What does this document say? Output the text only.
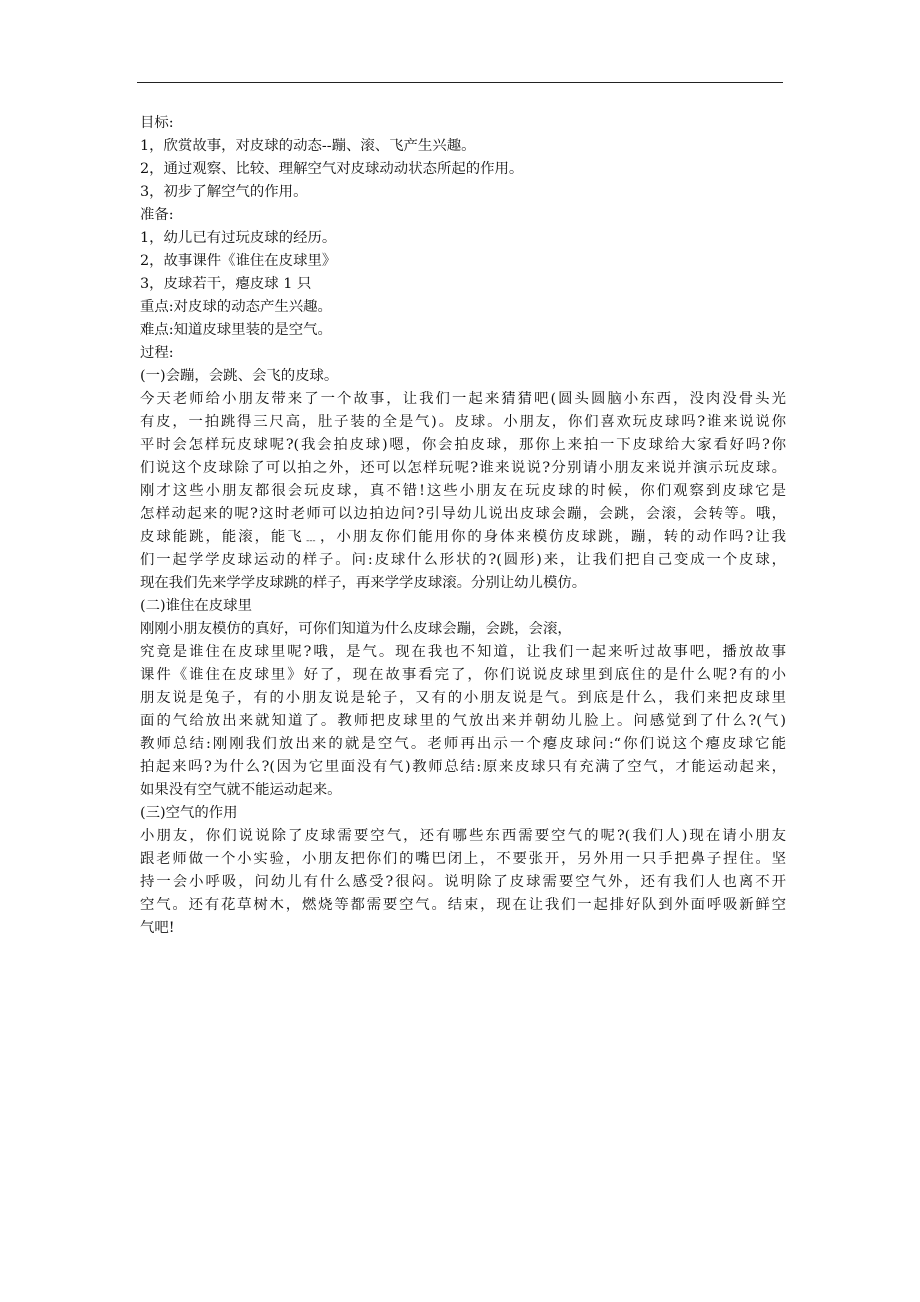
目标:
1，欣赏故事，对皮球的动态--蹦、滚、飞产生兴趣。
2，通过观察、比较、理解空气对皮球动动状态所起的作用。
3，初步了解空气的作用。
准备:
1，幼儿已有过玩皮球的经历。
2，故事课件《谁住在皮球里》
3，皮球若干，瘪皮球 1 只
重点:对皮球的动态产生兴趣。
难点:知道皮球里装的是空气。
过程:
(一)会蹦，会跳、会飞的皮球。
今天老师给小朋友带来了一个故事，让我们一起来猜猜吧(圆头圆脑小东西，没肉没骨头光
有皮，一拍跳得三尺高，肚子装的全是气)。皮球。小朋友，你们喜欢玩皮球吗?谁来说说你
平时会怎样玩皮球呢?(我会拍皮球)嗯，你会拍皮球，那你上来拍一下皮球给大家看好吗?你
们说这个皮球除了可以拍之外，还可以怎样玩呢?谁来说说?分别请小朋友来说并演示玩皮球。
刚才这些小朋友都很会玩皮球，真不错!这些小朋友在玩皮球的时候，你们观察到皮球它是
怎样动起来的呢?这时老师可以边拍边问?引导幼儿说出皮球会蹦，会跳，会滚，会转等。哦，
皮球能跳，能滚，能飞﹍，小朋友你们能用你的身体来模仿皮球跳，蹦，转的动作吗?让我
们一起学学皮球运动的样子。问:皮球什么形状的?(圆形)来，让我们把自己变成一个皮球，
现在我们先来学学皮球跳的样子，再来学学皮球滚。分别让幼儿模仿。
(二)谁住在皮球里
刚刚小朋友模仿的真好，可你们知道为什么皮球会蹦，会跳，会滚，
究竟是谁住在皮球里呢?哦，是气。现在我也不知道，让我们一起来听过故事吧，播放故事
课件《谁住在皮球里》好了，现在故事看完了，你们说说皮球里到底住的是什么呢?有的小
朋友说是兔子，有的小朋友说是轮子，又有的小朋友说是气。到底是什么，我们来把皮球里
面的气给放出来就知道了。教师把皮球里的气放出来并朝幼儿脸上。问感觉到了什么?(气)
教师总结:刚刚我们放出来的就是空气。老师再出示一个瘪皮球问:“你们说这个瘪皮球它能
拍起来吗?为什么?(因为它里面没有气)教师总结:原来皮球只有充满了空气，才能运动起来，
如果没有空气就不能运动起来。
(三)空气的作用
小朋友，你们说说除了皮球需要空气，还有哪些东西需要空气的呢?(我们人)现在请小朋友
跟老师做一个小实验，小朋友把你们的嘴巴闭上，不要张开，另外用一只手把鼻子捏住。坚
持一会小呼吸，问幼儿有什么感受?很闷。说明除了皮球需要空气外，还有我们人也离不开
空气。还有花草树木，燃烧等都需要空气。结束，现在让我们一起排好队到外面呼吸新鲜空
气吧!
